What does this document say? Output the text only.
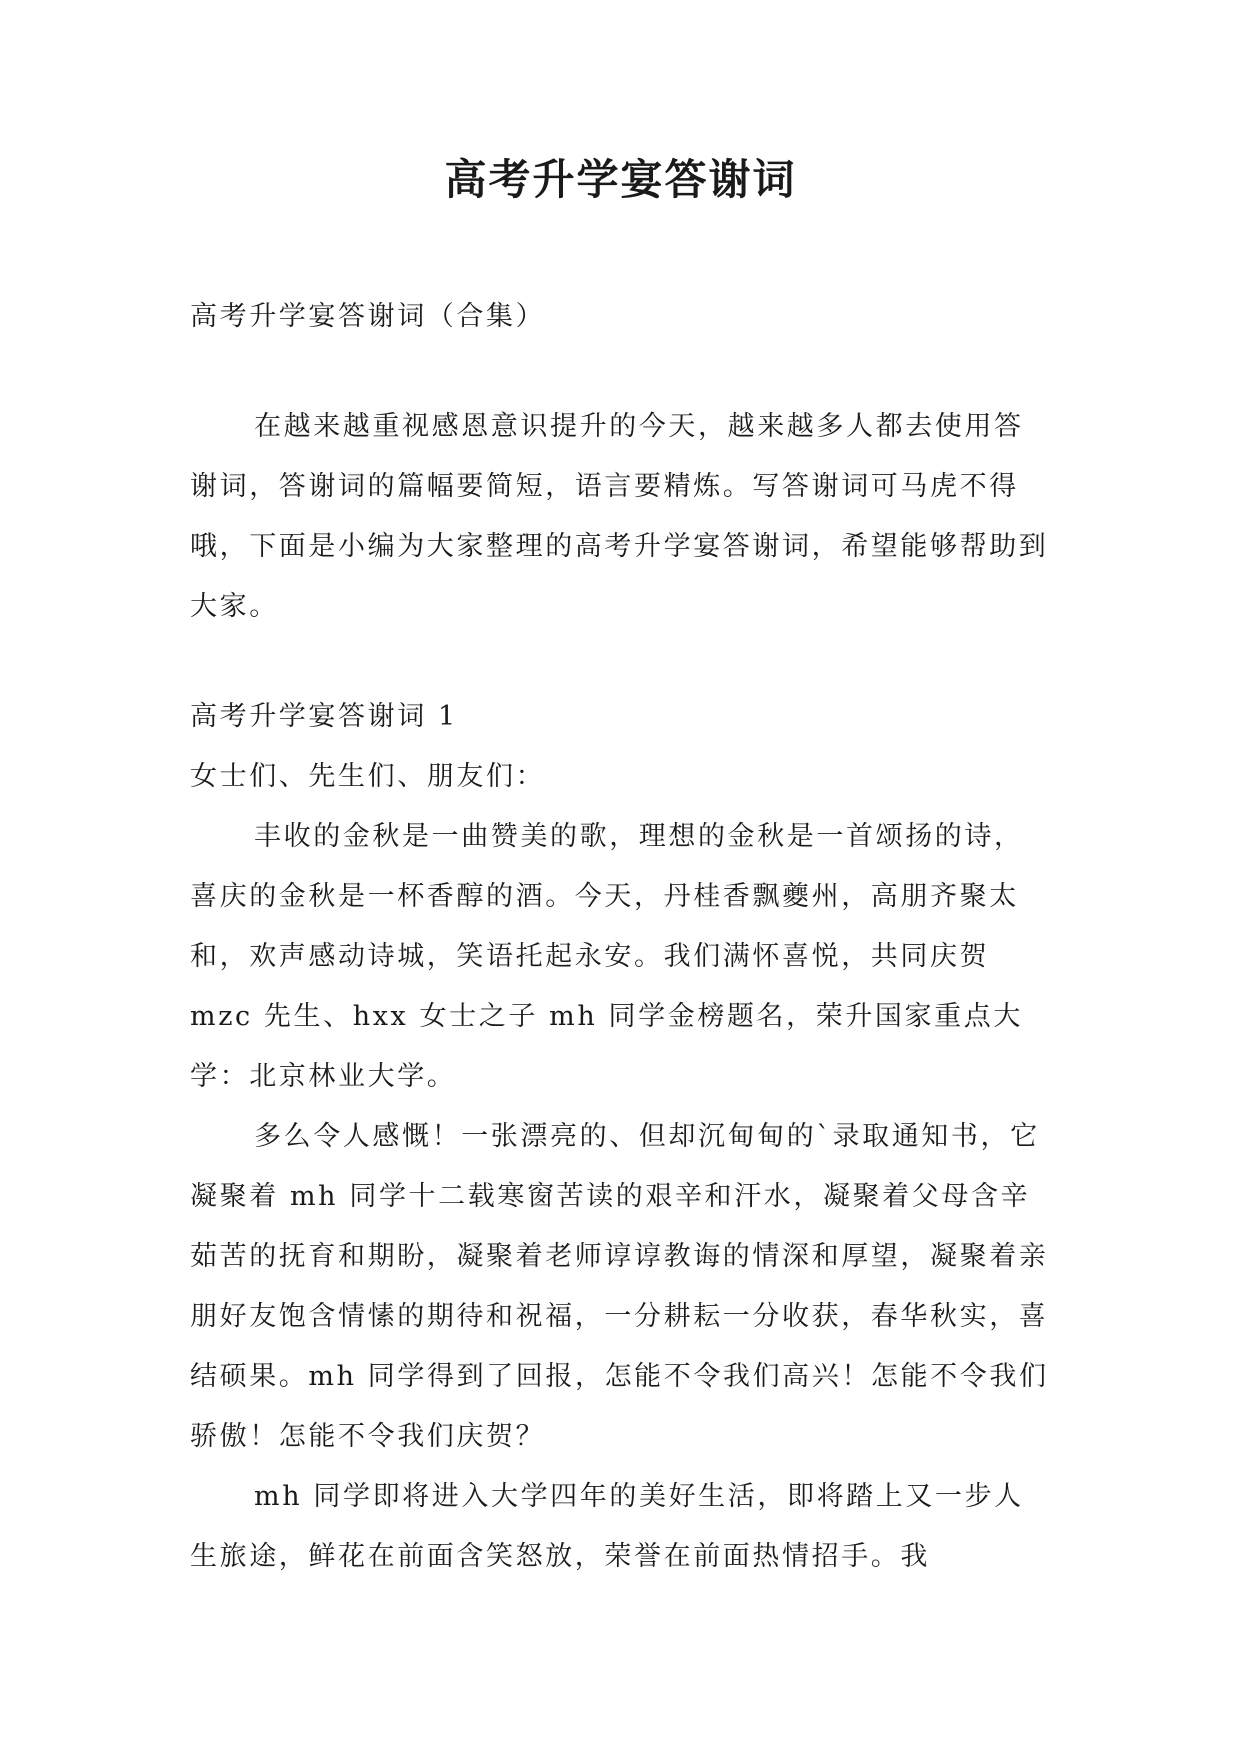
高考升学宴答谢词

高考升学宴答谢词（合集）

在越来越重视感恩意识提升的今天，越来越多人都去使用答谢词，答谢词的篇幅要简短，语言要精炼。写答谢词可马虎不得哦，下面是小编为大家整理的高考升学宴答谢词，希望能够帮助到大家。

高考升学宴答谢词 1

女士们、先生们、朋友们：

丰收的金秋是一曲赞美的歌，理想的金秋是一首颂扬的诗，喜庆的金秋是一杯香醇的酒。今天，丹桂香飘夔州，高朋齐聚太和，欢声感动诗城，笑语托起永安。我们满怀喜悦，共同庆贺 mzc 先生、hxx 女士之子 mh 同学金榜题名，荣升国家重点大学：北京林业大学。

多么令人感慨！一张漂亮的、但却沉甸甸的`录取通知书，它凝聚着 mh 同学十二载寒窗苦读的艰辛和汗水，凝聚着父母含辛茹苦的抚育和期盼，凝聚着老师谆谆教诲的情深和厚望，凝聚着亲朋好友饱含情愫的期待和祝福，一分耕耘一分收获，春华秋实，喜结硕果。mh 同学得到了回报，怎能不令我们高兴！怎能不令我们骄傲！怎能不令我们庆贺？

mh 同学即将进入大学四年的美好生活，即将踏上又一步人生旅途，鲜花在前面含笑怒放，荣誉在前面热情招手。我
